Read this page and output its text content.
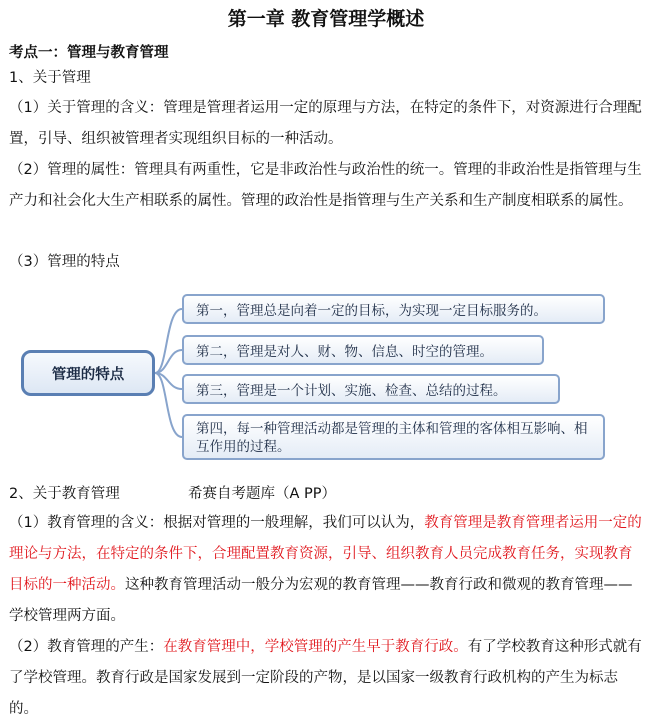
第一章 教育管理学概述
考点一：管理与教育管理
1、关于管理
（1）关于管理的含义：管理是管理者运用一定的原理与方法，在特定的条件下，对资源进行合理配置，引导、组织被管理者实现组织目标的一种活动。
（2）管理的属性：管理具有两重性，它是非政治性与政治性的统一。管理的非政治性是指管理与生产力和社会化大生产相联系的属性。管理的政治性是指管理与生产关系和生产制度相联系的属性。
（3）管理的特点
管理的特点
第一，管理总是向着一定的目标，为实现一定目标服务的。
第二，管理是对人、财、物、信息、时空的管理。
第三，管理是一个计划、实施、检查、总结的过程。
第四，每一种管理活动都是管理的主体和管理的客体相互影响、相互作用的过程。
2、关于教育管理	希赛自考题库（A PP）
（1）教育管理的含义：根据对管理的一般理解，我们可以认为，教育管理是教育管理者运用一定的理论与方法，在特定的条件下，合理配置教育资源，引导、组织教育人员完成教育任务，实现教育目标的一种活动。这种教育管理活动一般分为宏观的教育管理——教育行政和微观的教育管理——学校管理两方面。
（2）教育管理的产生：在教育管理中，学校管理的产生早于教育行政。有了学校教育这种形式就有了学校管理。教育行政是国家发展到一定阶段的产物，是以国家一级教育行政机构的产生为标志的。
